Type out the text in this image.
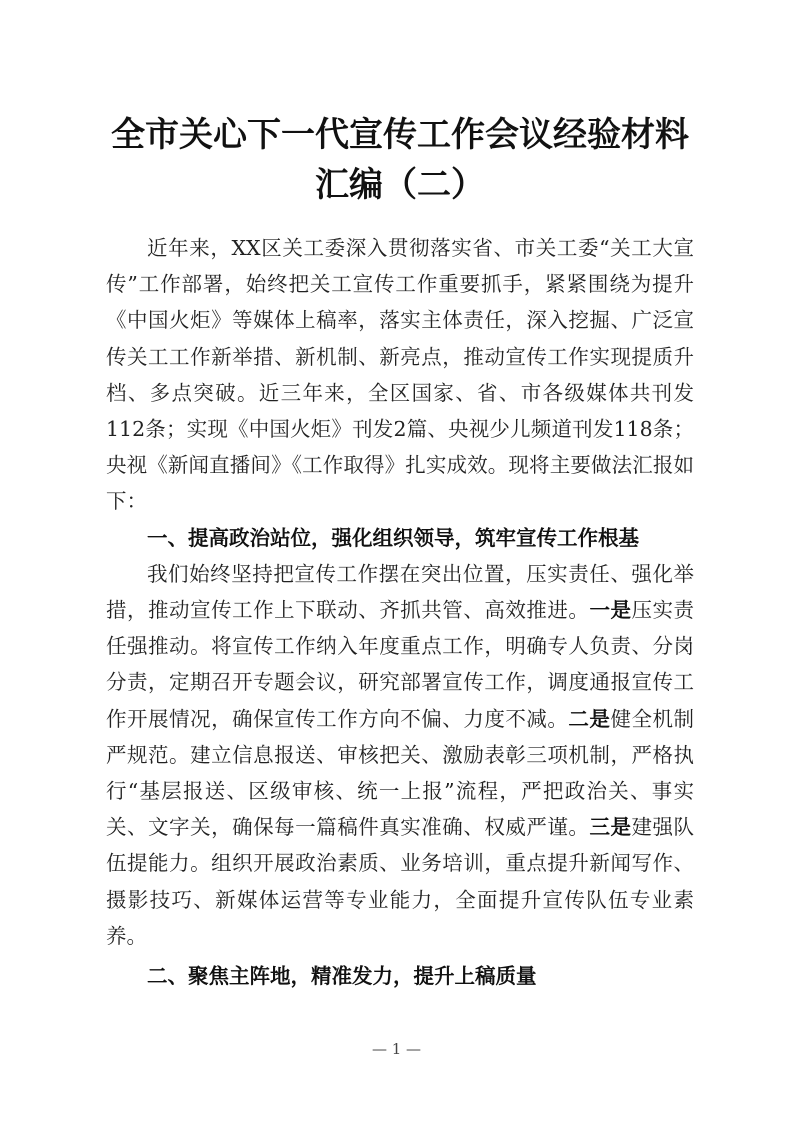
全市关心下一代宣传工作会议经验材料汇编（二）

近年来，XX区关工委深入贯彻落实省、市关工委“关工大宣传”工作部署，始终把关工宣传工作重要抓手，紧紧围绕为提升《中国火炬》等媒体上稿率，落实主体责任，深入挖掘、广泛宣传关工工作新举措、新机制、新亮点，推动宣传工作实现提质升档、多点突破。近三年来，全区国家、省、市各级媒体共刊发112条；实现《中国火炬》刊发2篇、央视少儿频道刊发118条；央视《新闻直播间》《工作取得》扎实成效。现将主要做法汇报如下：

一、提高政治站位，强化组织领导，筑牢宣传工作根基

我们始终坚持把宣传工作摆在突出位置，压实责任、强化举措，推动宣传工作上下联动、齐抓共管、高效推进。一是压实责任强推动。将宣传工作纳入年度重点工作，明确专人负责、分岗分责，定期召开专题会议，研究部署宣传工作，调度通报宣传工作开展情况，确保宣传工作方向不偏、力度不减。二是健全机制严规范。建立信息报送、审核把关、激励表彰三项机制，严格执行“基层报送、区级审核、统一上报”流程，严把政治关、事实关、文字关，确保每一篇稿件真实准确、权威严谨。三是建强队伍提能力。组织开展政治素质、业务培训，重点提升新闻写作、摄影技巧、新媒体运营等专业能力，全面提升宣传队伍专业素养。

二、聚焦主阵地，精准发力，提升上稿质量
— 1 —
